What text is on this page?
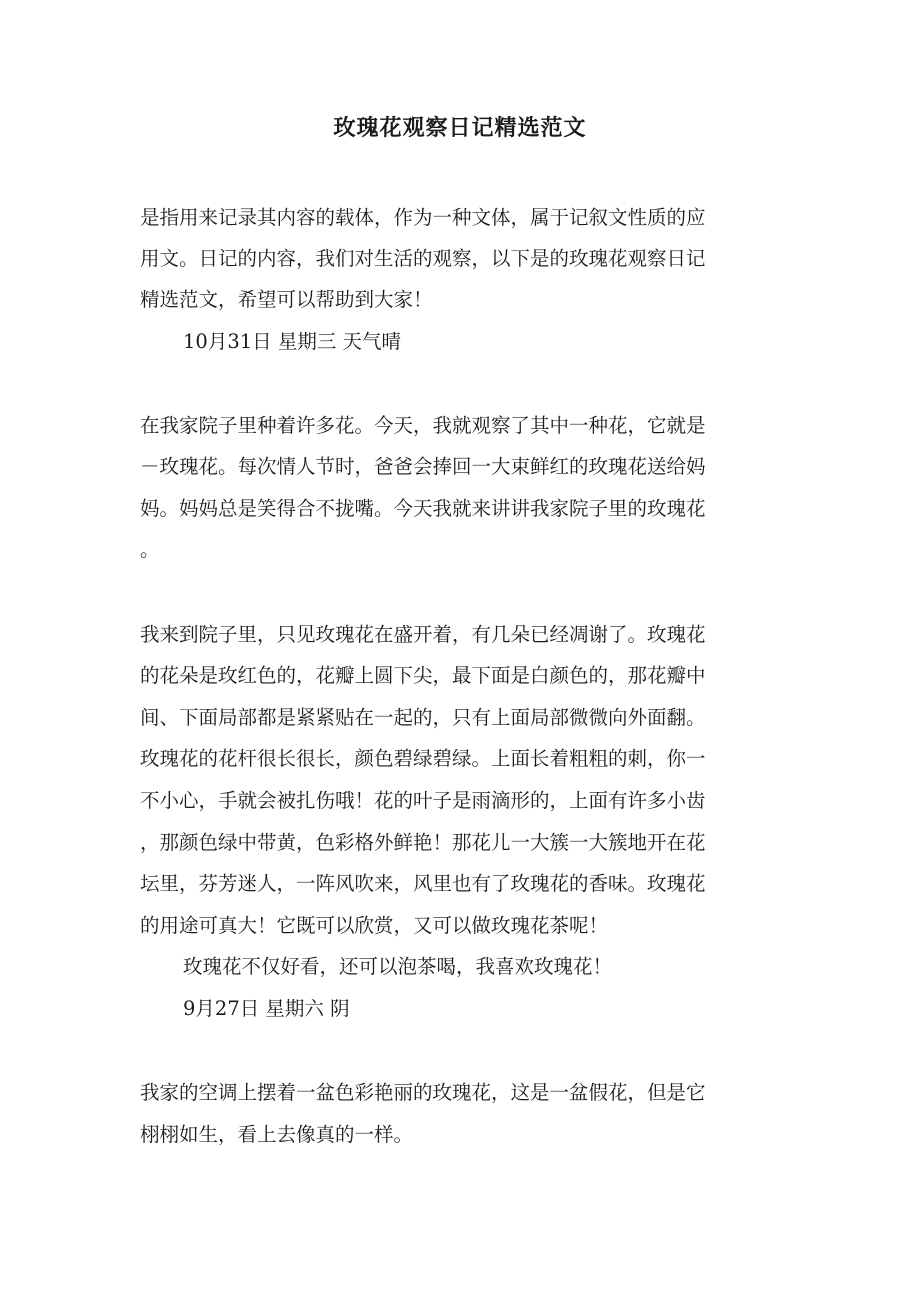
玫瑰花观察日记精选范文

是指用来记录其内容的载体，作为一种文体，属于记叙文性质的应

用文。日记的内容，我们对生活的观察，以下是的玫瑰花观察日记

精选范文，希望可以帮助到大家！

10月31日 星期三 天气晴

在我家院子里种着许多花。今天，我就观察了其中一种花，它就是

－玫瑰花。每次情人节时，爸爸会捧回一大束鲜红的玫瑰花送给妈

妈。妈妈总是笑得合不拢嘴。今天我就来讲讲我家院子里的玫瑰花

。

我来到院子里，只见玫瑰花在盛开着，有几朵已经凋谢了。玫瑰花

的花朵是玫红色的，花瓣上圆下尖，最下面是白颜色的，那花瓣中

间、下面局部都是紧紧贴在一起的，只有上面局部微微向外面翻。

玫瑰花的花杆很长很长，颜色碧绿碧绿。上面长着粗粗的刺，你一

不小心，手就会被扎伤哦！花的叶子是雨滴形的，上面有许多小齿

，那颜色绿中带黄，色彩格外鲜艳！那花儿一大簇一大簇地开在花

坛里，芬芳迷人，一阵风吹来，风里也有了玫瑰花的香味。玫瑰花

的用途可真大！它既可以欣赏，又可以做玫瑰花茶呢！

玫瑰花不仅好看，还可以泡茶喝，我喜欢玫瑰花！

9月27日 星期六 阴

我家的空调上摆着一盆色彩艳丽的玫瑰花，这是一盆假花，但是它

栩栩如生，看上去像真的一样。
